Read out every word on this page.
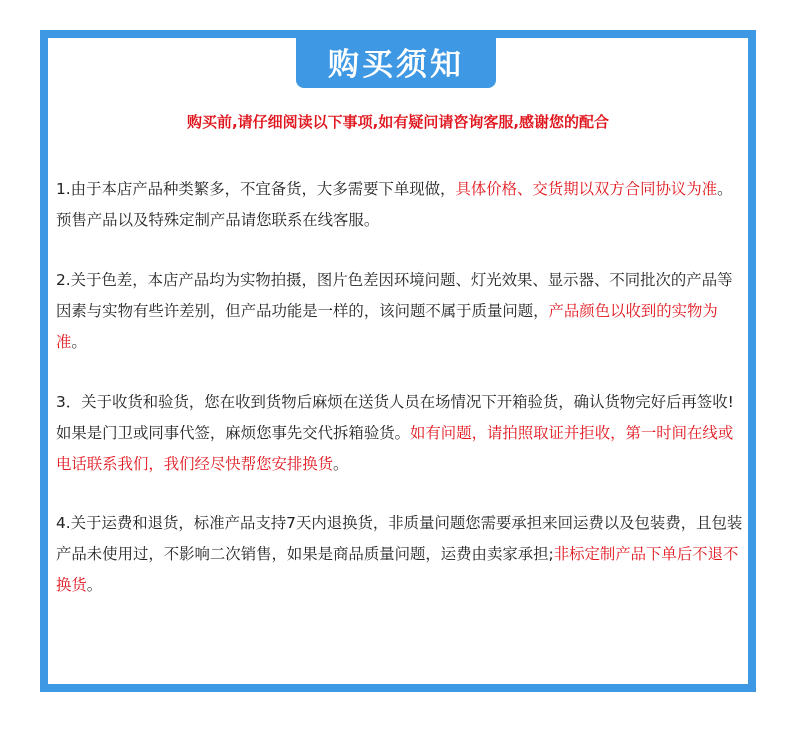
购买须知
购买前,请仔细阅读以下事项,如有疑问请咨询客服,感谢您的配合

1.由于本店产品种类繁多，不宜备货，大多需要下单现做，具体价格、交货期以双方合同协议为准。预售产品以及特殊定制产品请您联系在线客服。

2.关于色差，本店产品均为实物拍摄，图片色差因环境问题、灯光效果、显示器、不同批次的产品等因素与实物有些许差别，但产品功能是一样的，该问题不属于质量问题，产品颜色以收到的实物为准。

3．关于收货和验货，您在收到货物后麻烦在送货人员在场情况下开箱验货，确认货物完好后再签收!如果是门卫或同事代签，麻烦您事先交代拆箱验货。如有问题，请拍照取证并拒收，第一时间在线或电话联系我们，我们经尽快帮您安排换货。

4.关于运费和退货，标准产品支持7天内退换货，非质量问题您需要承担来回运费以及包装费，且包装产品未使用过，不影响二次销售，如果是商品质量问题，运费由卖家承担;非标定制产品下单后不退不换货。
